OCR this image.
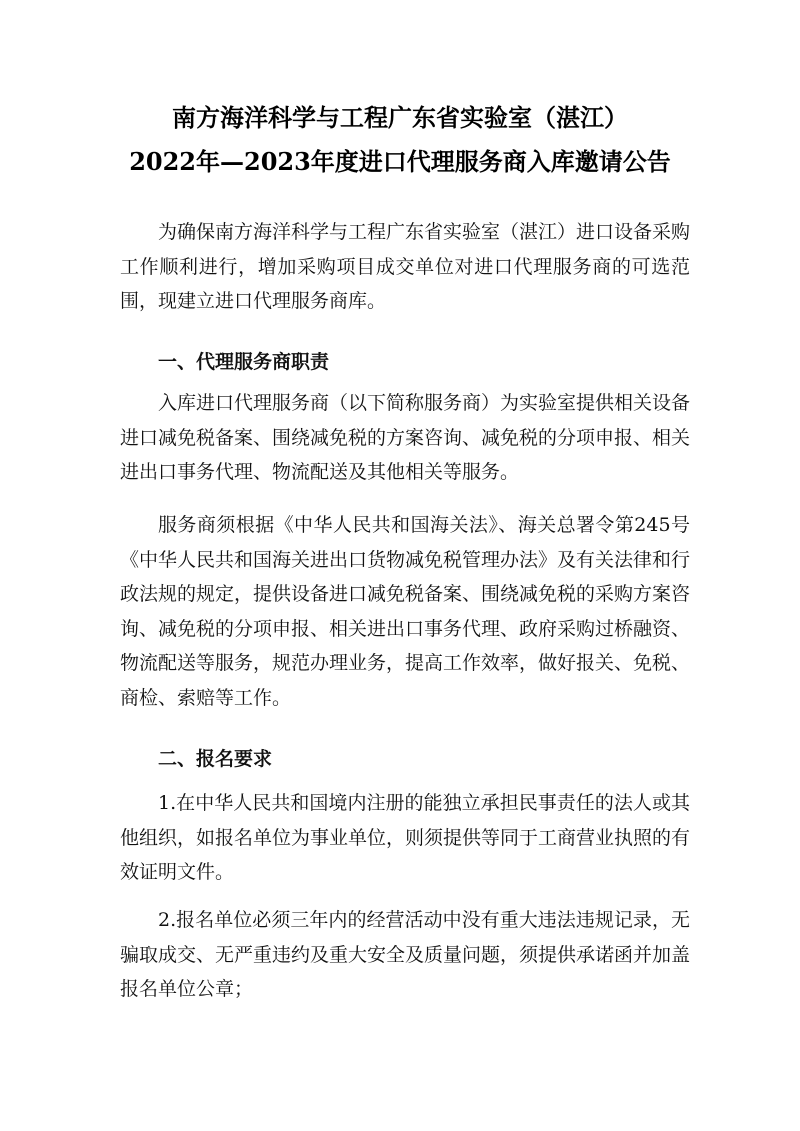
南方海洋科学与工程广东省实验室（湛江）
2022年—2023年度进口代理服务商入库邀请公告
为确保南方海洋科学与工程广东省实验室（湛江）进口设备采购工作顺利进行，增加采购项目成交单位对进口代理服务商的可选范围，现建立进口代理服务商库。
一、代理服务商职责
入库进口代理服务商（以下简称服务商）为实验室提供相关设备进口减免税备案、围绕减免税的方案咨询、减免税的分项申报、相关进出口事务代理、物流配送及其他相关等服务。
服务商须根据《中华人民共和国海关法》、海关总署令第245号《中华人民共和国海关进出口货物减免税管理办法》及有关法律和行政法规的规定，提供设备进口减免税备案、围绕减免税的采购方案咨询、减免税的分项申报、相关进出口事务代理、政府采购过桥融资、物流配送等服务，规范办理业务，提高工作效率，做好报关、免税、商检、索赔等工作。
二、报名要求
1.在中华人民共和国境内注册的能独立承担民事责任的法人或其他组织，如报名单位为事业单位，则须提供等同于工商营业执照的有效证明文件。
2.报名单位必须三年内的经营活动中没有重大违法违规记录，无骗取成交、无严重违约及重大安全及质量问题，须提供承诺函并加盖报名单位公章；
